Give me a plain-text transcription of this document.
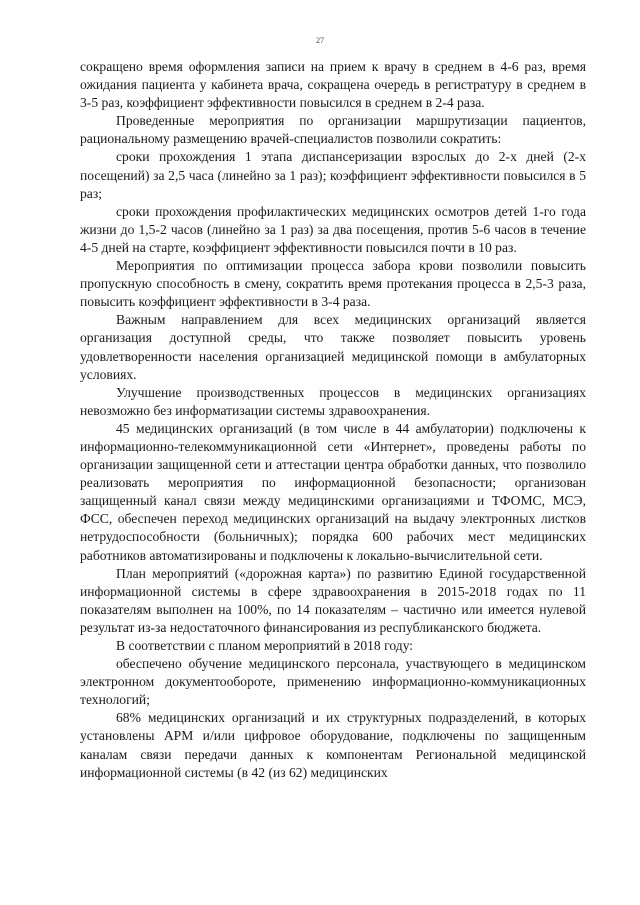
27

сокращено время оформления записи на прием к врачу в среднем в 4-6 раз, время ожидания пациента у кабинета врача, сокращена очередь в регистратуру в среднем в 3-5 раз, коэффициент эффективности повысился в среднем в 2-4 раза.

Проведенные мероприятия по организации маршрутизации пациентов, рациональному размещению врачей-специалистов позволили сократить:

сроки прохождения 1 этапа диспансеризации взрослых до 2-х дней (2-х посещений) за 2,5 часа (линейно за 1 раз); коэффициент эффективности повысился в 5 раз;

сроки прохождения профилактических медицинских осмотров детей 1-го года жизни до 1,5-2 часов (линейно за 1 раз) за два посещения, против 5-6 часов в течение 4-5 дней на старте, коэффициент эффективности повысился почти в 10 раз.

Мероприятия по оптимизации процесса забора крови позволили повысить пропускную способность в смену, сократить время протекания процесса в 2,5-3 раза, повысить коэффициент эффективности в 3-4 раза.

Важным направлением для всех медицинских организаций является организация доступной среды, что также позволяет повысить уровень удовлетворенности населения организацией медицинской помощи в амбулаторных условиях.

Улучшение производственных процессов в медицинских организациях невозможно без информатизации системы здравоохранения.

45 медицинских организаций (в том числе в 44 амбулатории) подключены к информационно-телекоммуникационной сети «Интернет», проведены работы по организации защищенной сети и аттестации центра обработки данных, что позволило реализовать мероприятия по информационной безопасности; организован защищенный канал связи между медицинскими организациями и ТФОМС, МСЭ, ФСС, обеспечен переход медицинских организаций на выдачу электронных листков нетрудоспособности (больничных); порядка 600 рабочих мест медицинских работников автоматизированы и подключены к локально-вычислительной сети.

План мероприятий («дорожная карта») по развитию Единой государственной информационной системы в сфере здравоохранения в 2015-2018 годах по 11 показателям выполнен на 100%, по 14 показателям – частично или имеется нулевой результат из-за недостаточного финансирования из республиканского бюджета.

В соответствии с планом мероприятий в 2018 году:

обеспечено обучение медицинского персонала, участвующего в медицинском электронном документообороте, применению информационно-коммуникационных технологий;

68% медицинских организаций и их структурных подразделений, в которых установлены АРМ и/или цифровое оборудование, подключены по защищенным каналам связи передачи данных к компонентам Региональной медицинской информационной системы (в 42 (из 62) медицинских
